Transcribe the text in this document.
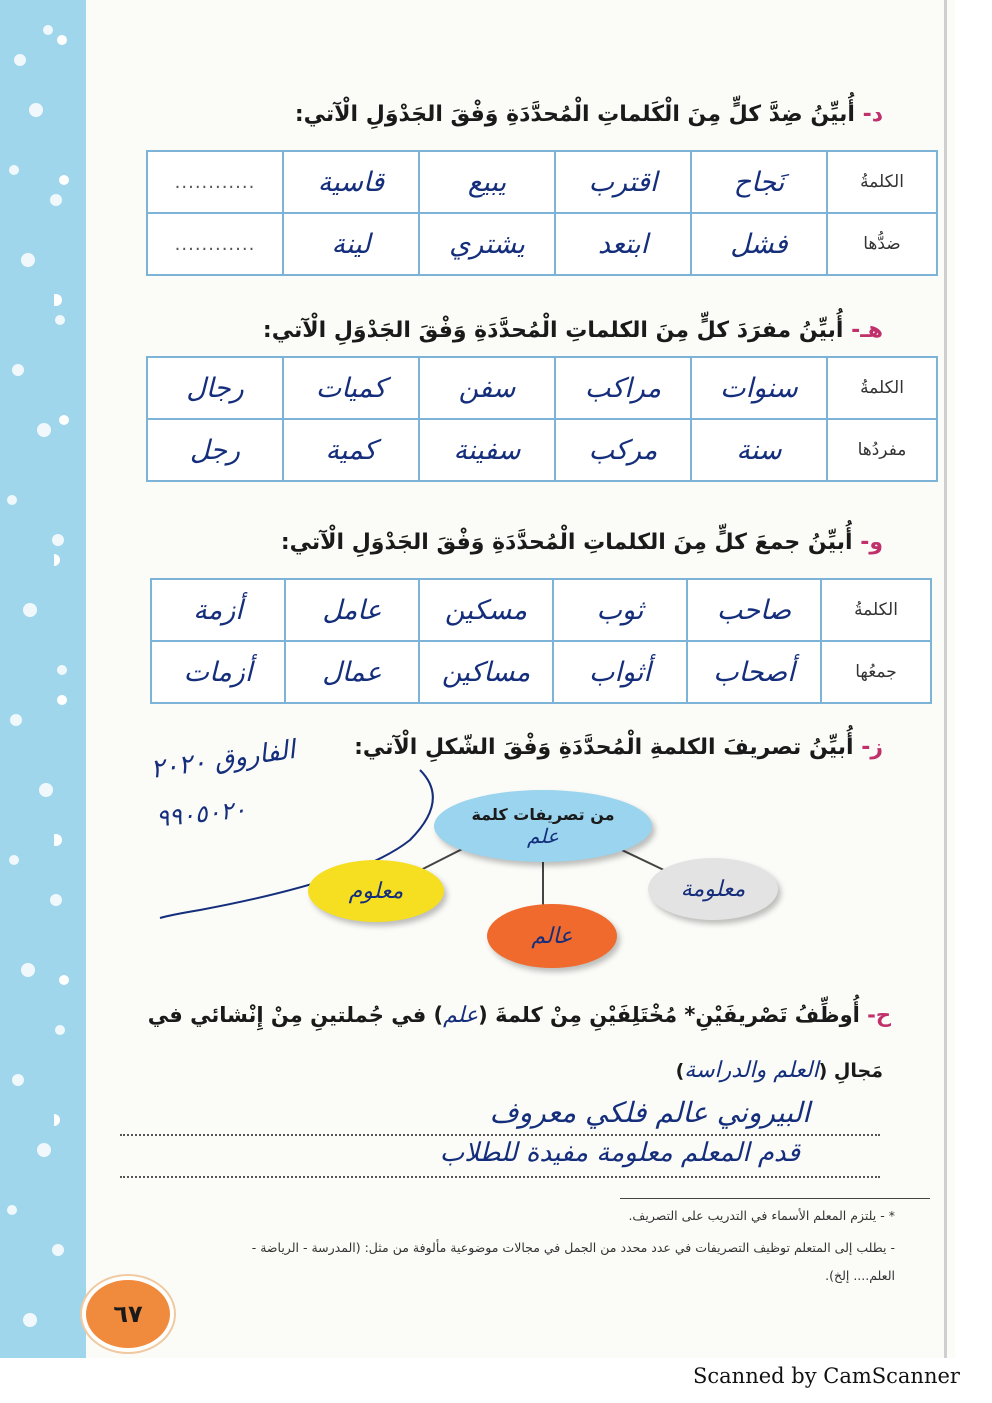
د- أُبيِّنُ ضِدَّ كلٍّ مِنَ الْكَلماتِ الْمُحدَّدَةِ وَفْقَ الجَدْوَلِ الْآتي:
الكلمةُ	نَجاح	اقترب	يبيع	قاسية	............
ضدُّها	فشل	ابتعد	يشتري	لينة	............
هـ- أُبيِّنُ مفرَدَ كلٍّ مِنَ الكلماتِ الْمُحدَّدَةِ وَفْقَ الجَدْوَلِ الْآتي:
الكلمةُ	سنوات	مراكب	سفن	كميات	رجال
مفردُها	سنة	مركب	سفينة	كمية	رجل
و- أُبيِّنُ جمعَ كلٍّ مِنَ الكلماتِ الْمُحدَّدَةِ وَفْقَ الجَدْوَلِ الْآتي:
الكلمةُ	صاحب	ثوب	مسكين	عامل	أزمة
جمعُها	أصحاب	أثواب	مساكين	عمال	أزمات
ز- أُبيِّنُ تصريفَ الكلمةِ الْمُحدَّدَةِ وَفْقَ الشّكلِ الْآتي:
الفاروق ٢٠٢٠
٩٩٠٥٠٢٠	من تصريفات كلمة
علم
معلوم
عالم
معلومة
ح- أُوظِّفُ تَصْريفَيْنِ* مُخْتَلِفَيْنِ مِنْ كلمةَ (علم) في جُملتينِ مِنْ إِنْشائي في
مَجالِ (العلم والدراسة)
البيروني عالم فلكي معروف
قدم المعلم معلومة مفيدة للطلاب
* - يلتزم المعلم الأسماء في التدريب على التصريف.
- يطلب إلى المتعلم توظيف التصريفات في عدد محدد من الجمل في مجالات موضوعية مألوفة من مثل: (المدرسة - الرياضة -
العلم.... إلخ).
٦٧
Scanned by CamScanner
